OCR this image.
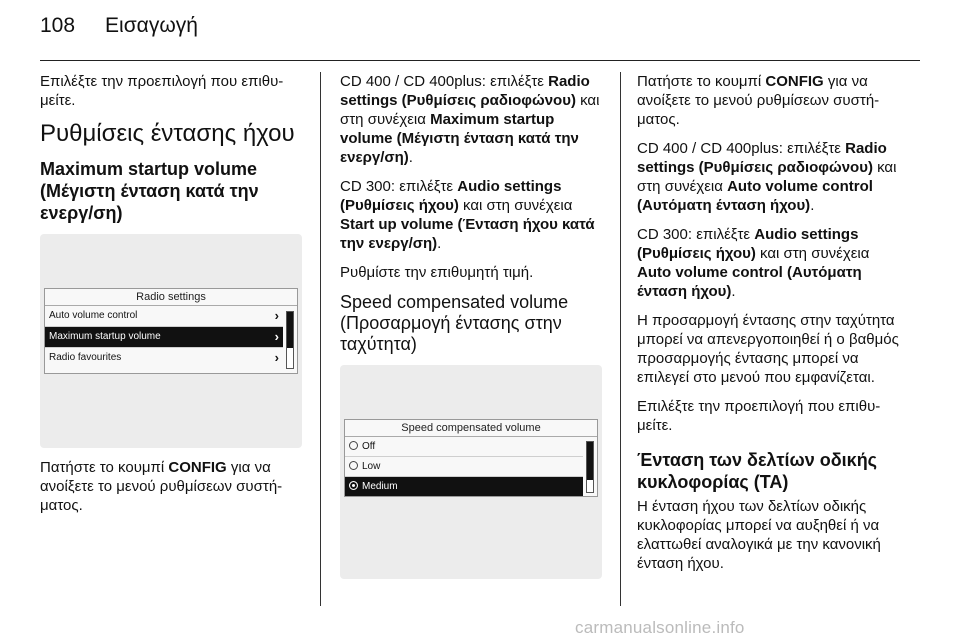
108 Εισαγωγή

Επιλέξτε την προεπιλογή που επιθυμείτε.

Ρυθμίσεις έντασης ήχου
Maximum startup volume (Μέγιστη ένταση κατά την ενεργ/ση)
Radio settings
Auto volume control	›
Maximum startup volume	›
Radio favourites	›

Πατήστε το κουμπί CONFIG για να ανοίξετε το μενού ρυθμίσεων συστήματος.

CD 400 / CD 400plus: επιλέξτε Radio settings (Ρυθμίσεις ραδιοφώνου) και στη συνέχεια Maximum startup volume (Μέγιστη ένταση κατά την ενεργ/ση).

CD 300: επιλέξτε Audio settings (Ρυθμίσεις ήχου) και στη συνέχεια Start up volume (Ένταση ήχου κατά την ενεργ/ση).

Ρυθμίστε την επιθυμητή τιμή.

Speed compensated volume (Προσαρμογή έντασης στην ταχύτητα)
Speed compensated volume
Off
Low
Medium

Πατήστε το κουμπί CONFIG για να ανοίξετε το μενού ρυθμίσεων συστήματος.

CD 400 / CD 400plus: επιλέξτε Radio settings (Ρυθμίσεις ραδιοφώνου) και στη συνέχεια Auto volume control (Αυτόματη ένταση ήχου).

CD 300: επιλέξτε Audio settings (Ρυθμίσεις ήχου) και στη συνέχεια Auto volume control (Αυτόματη ένταση ήχου).

Η προσαρμογή έντασης στην ταχύτητα μπορεί να απενεργοποιηθεί ή ο βαθμός προσαρμογής έντασης μπορεί να επιλεγεί στο μενού που εμφανίζεται.

Επιλέξτε την προεπιλογή που επιθυμείτε.

Ένταση των δελτίων οδικής κυκλοφορίας (TA)

Η ένταση ήχου των δελτίων οδικής κυκλοφορίας μπορεί να αυξηθεί ή να ελαττωθεί αναλογικά με την κανονική ένταση ήχου.

carmanualsonline.info
